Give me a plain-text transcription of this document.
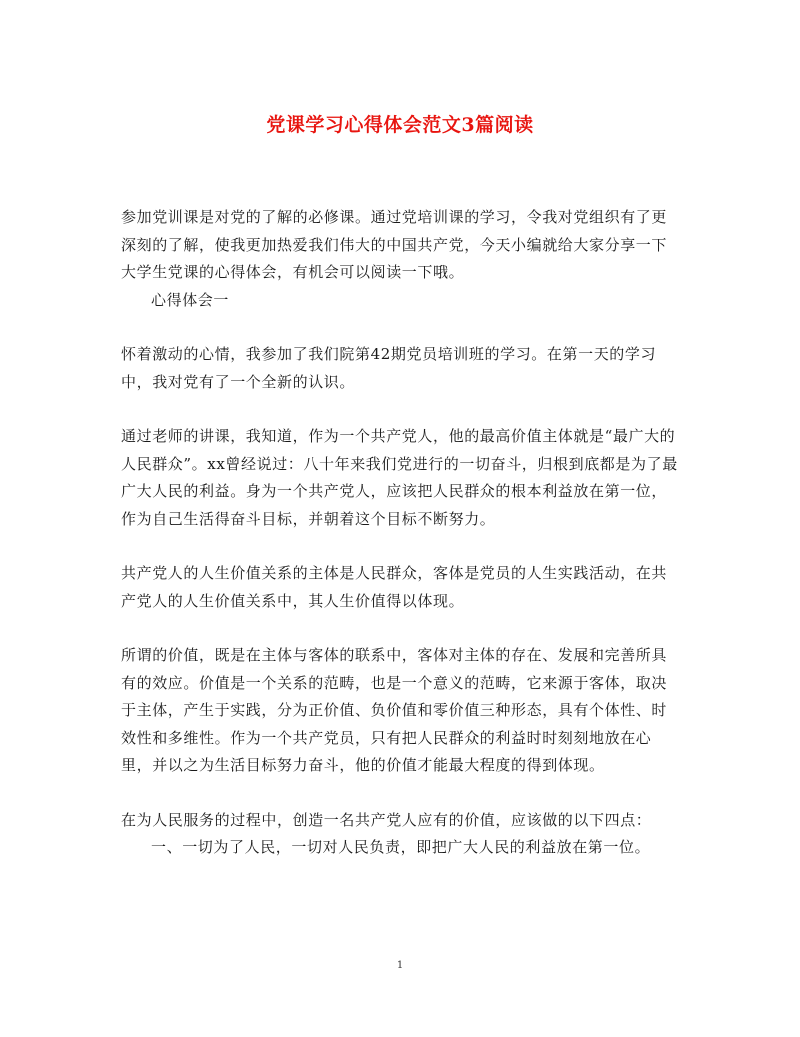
党课学习心得体会范文3篇阅读

参加党训课是对党的了解的必修课。通过党培训课的学习，令我对党组织有了更深刻的了解，使我更加热爱我们伟大的中国共产党，今天小编就给大家分享一下大学生党课的心得体会，有机会可以阅读一下哦。

心得体会一

怀着激动的心情，我参加了我们院第42期党员培训班的学习。在第一天的学习中，我对党有了一个全新的认识。

通过老师的讲课，我知道，作为一个共产党人，他的最高价值主体就是“最广大的人民群众”。xx曾经说过：八十年来我们党进行的一切奋斗，归根到底都是为了最广大人民的利益。身为一个共产党人，应该把人民群众的根本利益放在第一位，作为自己生活得奋斗目标，并朝着这个目标不断努力。

共产党人的人生价值关系的主体是人民群众，客体是党员的人生实践活动，在共产党人的人生价值关系中，其人生价值得以体现。

所谓的价值，既是在主体与客体的联系中，客体对主体的存在、发展和完善所具有的效应。价值是一个关系的范畴，也是一个意义的范畴，它来源于客体，取决于主体，产生于实践，分为正价值、负价值和零价值三种形态，具有个体性、时效性和多维性。作为一个共产党员，只有把人民群众的利益时时刻刻地放在心里，并以之为生活目标努力奋斗，他的价值才能最大程度的得到体现。

在为人民服务的过程中，创造一名共产党人应有的价值，应该做的以下四点：

一、一切为了人民，一切对人民负责，即把广大人民的利益放在第一位。

1
